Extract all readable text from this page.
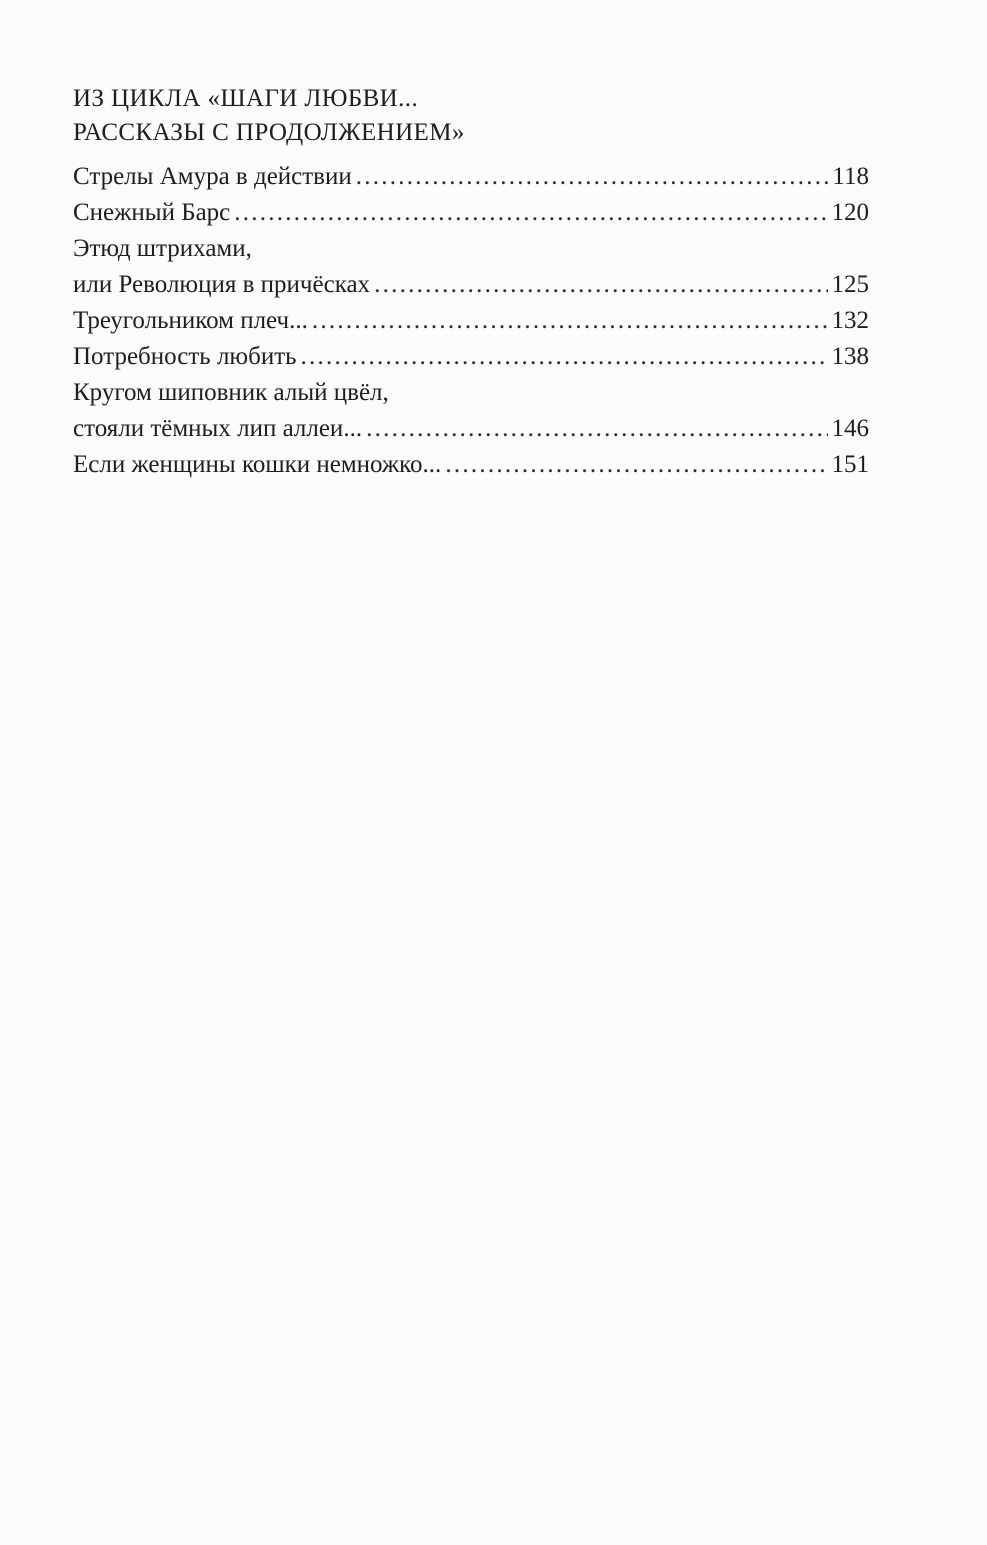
ИЗ ЦИКЛА «ШАГИ ЛЮБВИ...
РАССКАЗЫ С ПРОДОЛЖЕНИЕМ»
Стрелы Амура в действии . . .	118
Снежный Барс . . .	120
Этюд штрихами,
или Революция в причёсках . . .	125
Треугольником плеч... . . .	132
Потребность любить . . .	138
Кругом шиповник алый цвёл,
стояли тёмных лип аллеи... . . .	146
Если женщины кошки немножко... . . .	151
